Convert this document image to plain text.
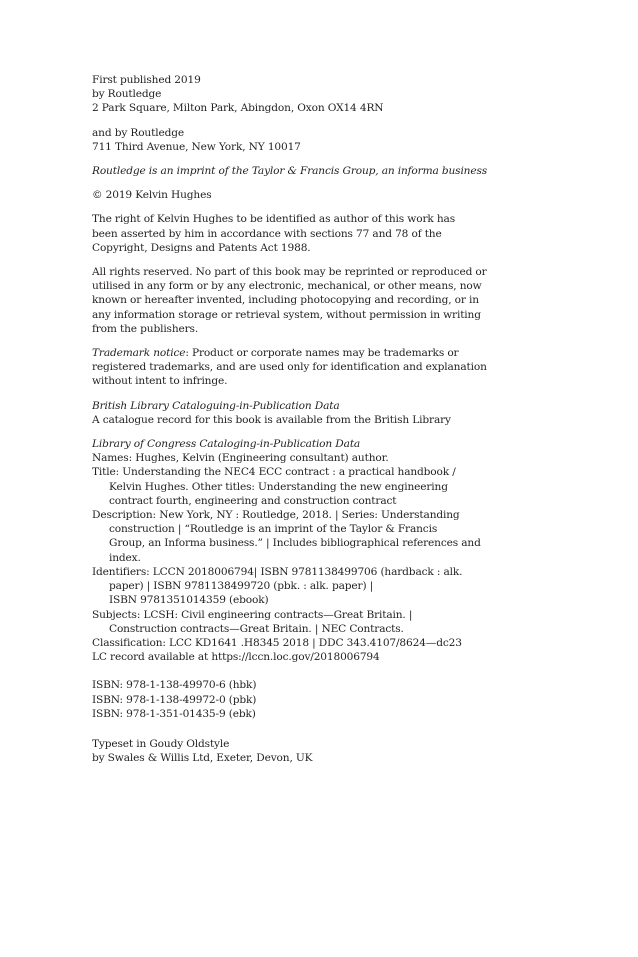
First published 2019
by Routledge
2 Park Square, Milton Park, Abingdon, Oxon OX14 4RN
and by Routledge
711 Third Avenue, New York, NY 10017
Routledge is an imprint of the Taylor & Francis Group, an informa business
© 2019 Kelvin Hughes
The right of Kelvin Hughes to be identified as author of this work has
been asserted by him in accordance with sections 77 and 78 of the
Copyright, Designs and Patents Act 1988.
All rights reserved. No part of this book may be reprinted or reproduced or
utilised in any form or by any electronic, mechanical, or other means, now
known or hereafter invented, including photocopying and recording, or in
any information storage or retrieval system, without permission in writing
from the publishers.
Trademark notice: Product or corporate names may be trademarks or
registered trademarks, and are used only for identification and explanation
without intent to infringe.
British Library Cataloguing-in-Publication Data
A catalogue record for this book is available from the British Library
Library of Congress Cataloging-in-Publication Data
Names: Hughes, Kelvin (Engineering consultant) author.
Title: Understanding the NEC4 ECC contract : a practical handbook /
Kelvin Hughes. Other titles: Understanding the new engineering
contract fourth, engineering and construction contract
Description: New York, NY : Routledge, 2018. | Series: Understanding
construction | “Routledge is an imprint of the Taylor & Francis
Group, an Informa business.” | Includes bibliographical references and
index.
Identifiers: LCCN 2018006794| ISBN 9781138499706 (hardback : alk.
paper) | ISBN 9781138499720 (pbk. : alk. paper) |
ISBN 9781351014359 (ebook)
Subjects: LCSH: Civil engineering contracts—Great Britain. |
Construction contracts—Great Britain. | NEC Contracts.
Classification: LCC KD1641 .H8345 2018 | DDC 343.4107/8624—dc23
LC record available at https://lccn.loc.gov/2018006794
ISBN: 978-1-138-49970-6 (hbk)
ISBN: 978-1-138-49972-0 (pbk)
ISBN: 978-1-351-01435-9 (ebk)
Typeset in Goudy Oldstyle
by Swales & Willis Ltd, Exeter, Devon, UK
